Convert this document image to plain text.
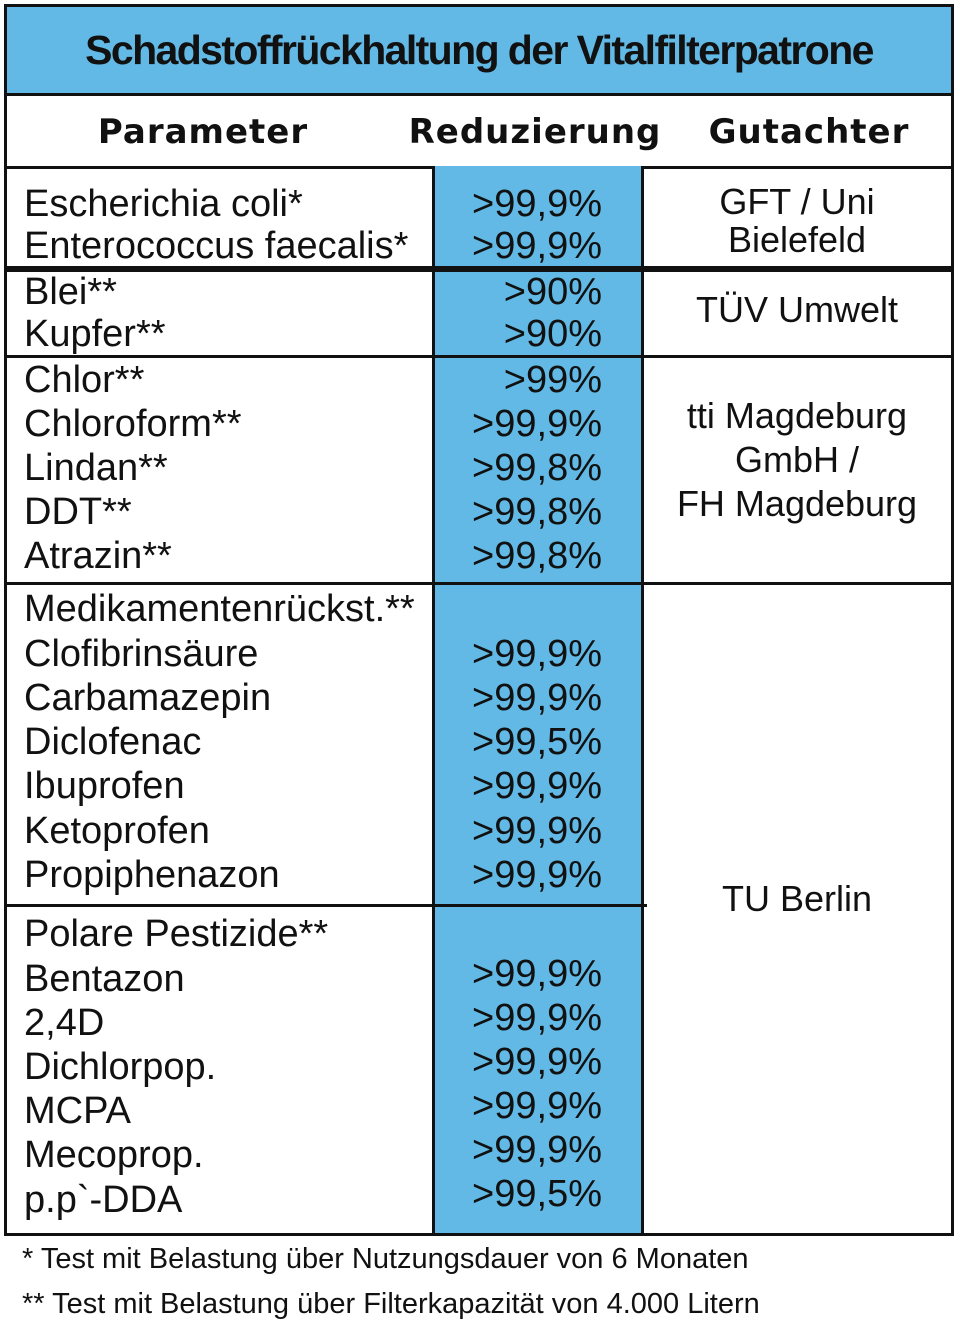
Schadstoffrückhaltung der Vitalfilterpatrone
Parameter	Reduzierung	Gutachter
Escherichia coli*	>99,9%
Enterococcus faecalis*	>99,9%
GFT / Uni
Bielefeld
Blei**	>90%
Kupfer**	>90%
TÜV Umwelt
Chlor**	>99%
Chloroform**	>99,9%
Lindan**	>99,8%
DDT**	>99,8%
Atrazin**	>99,8%
tti Magdeburg
GmbH /
FH Magdeburg
Medikamentenrückst.**
Clofibrinsäure	>99,9%
Carbamazepin	>99,9%
Diclofenac	>99,5%
Ibuprofen	>99,9%
Ketoprofen	>99,9%
Propiphenazon	>99,9%
Polare Pestizide**
Bentazon	>99,9%
2,4D	>99,9%
Dichlorpop.	>99,9%
MCPA	>99,9%
Mecoprop.	>99,9%
p.p`-DDA	>99,5%
TU Berlin
* Test mit Belastung über Nutzungsdauer von 6 Monaten
** Test mit Belastung über Filterkapazität von 4.000 Litern
